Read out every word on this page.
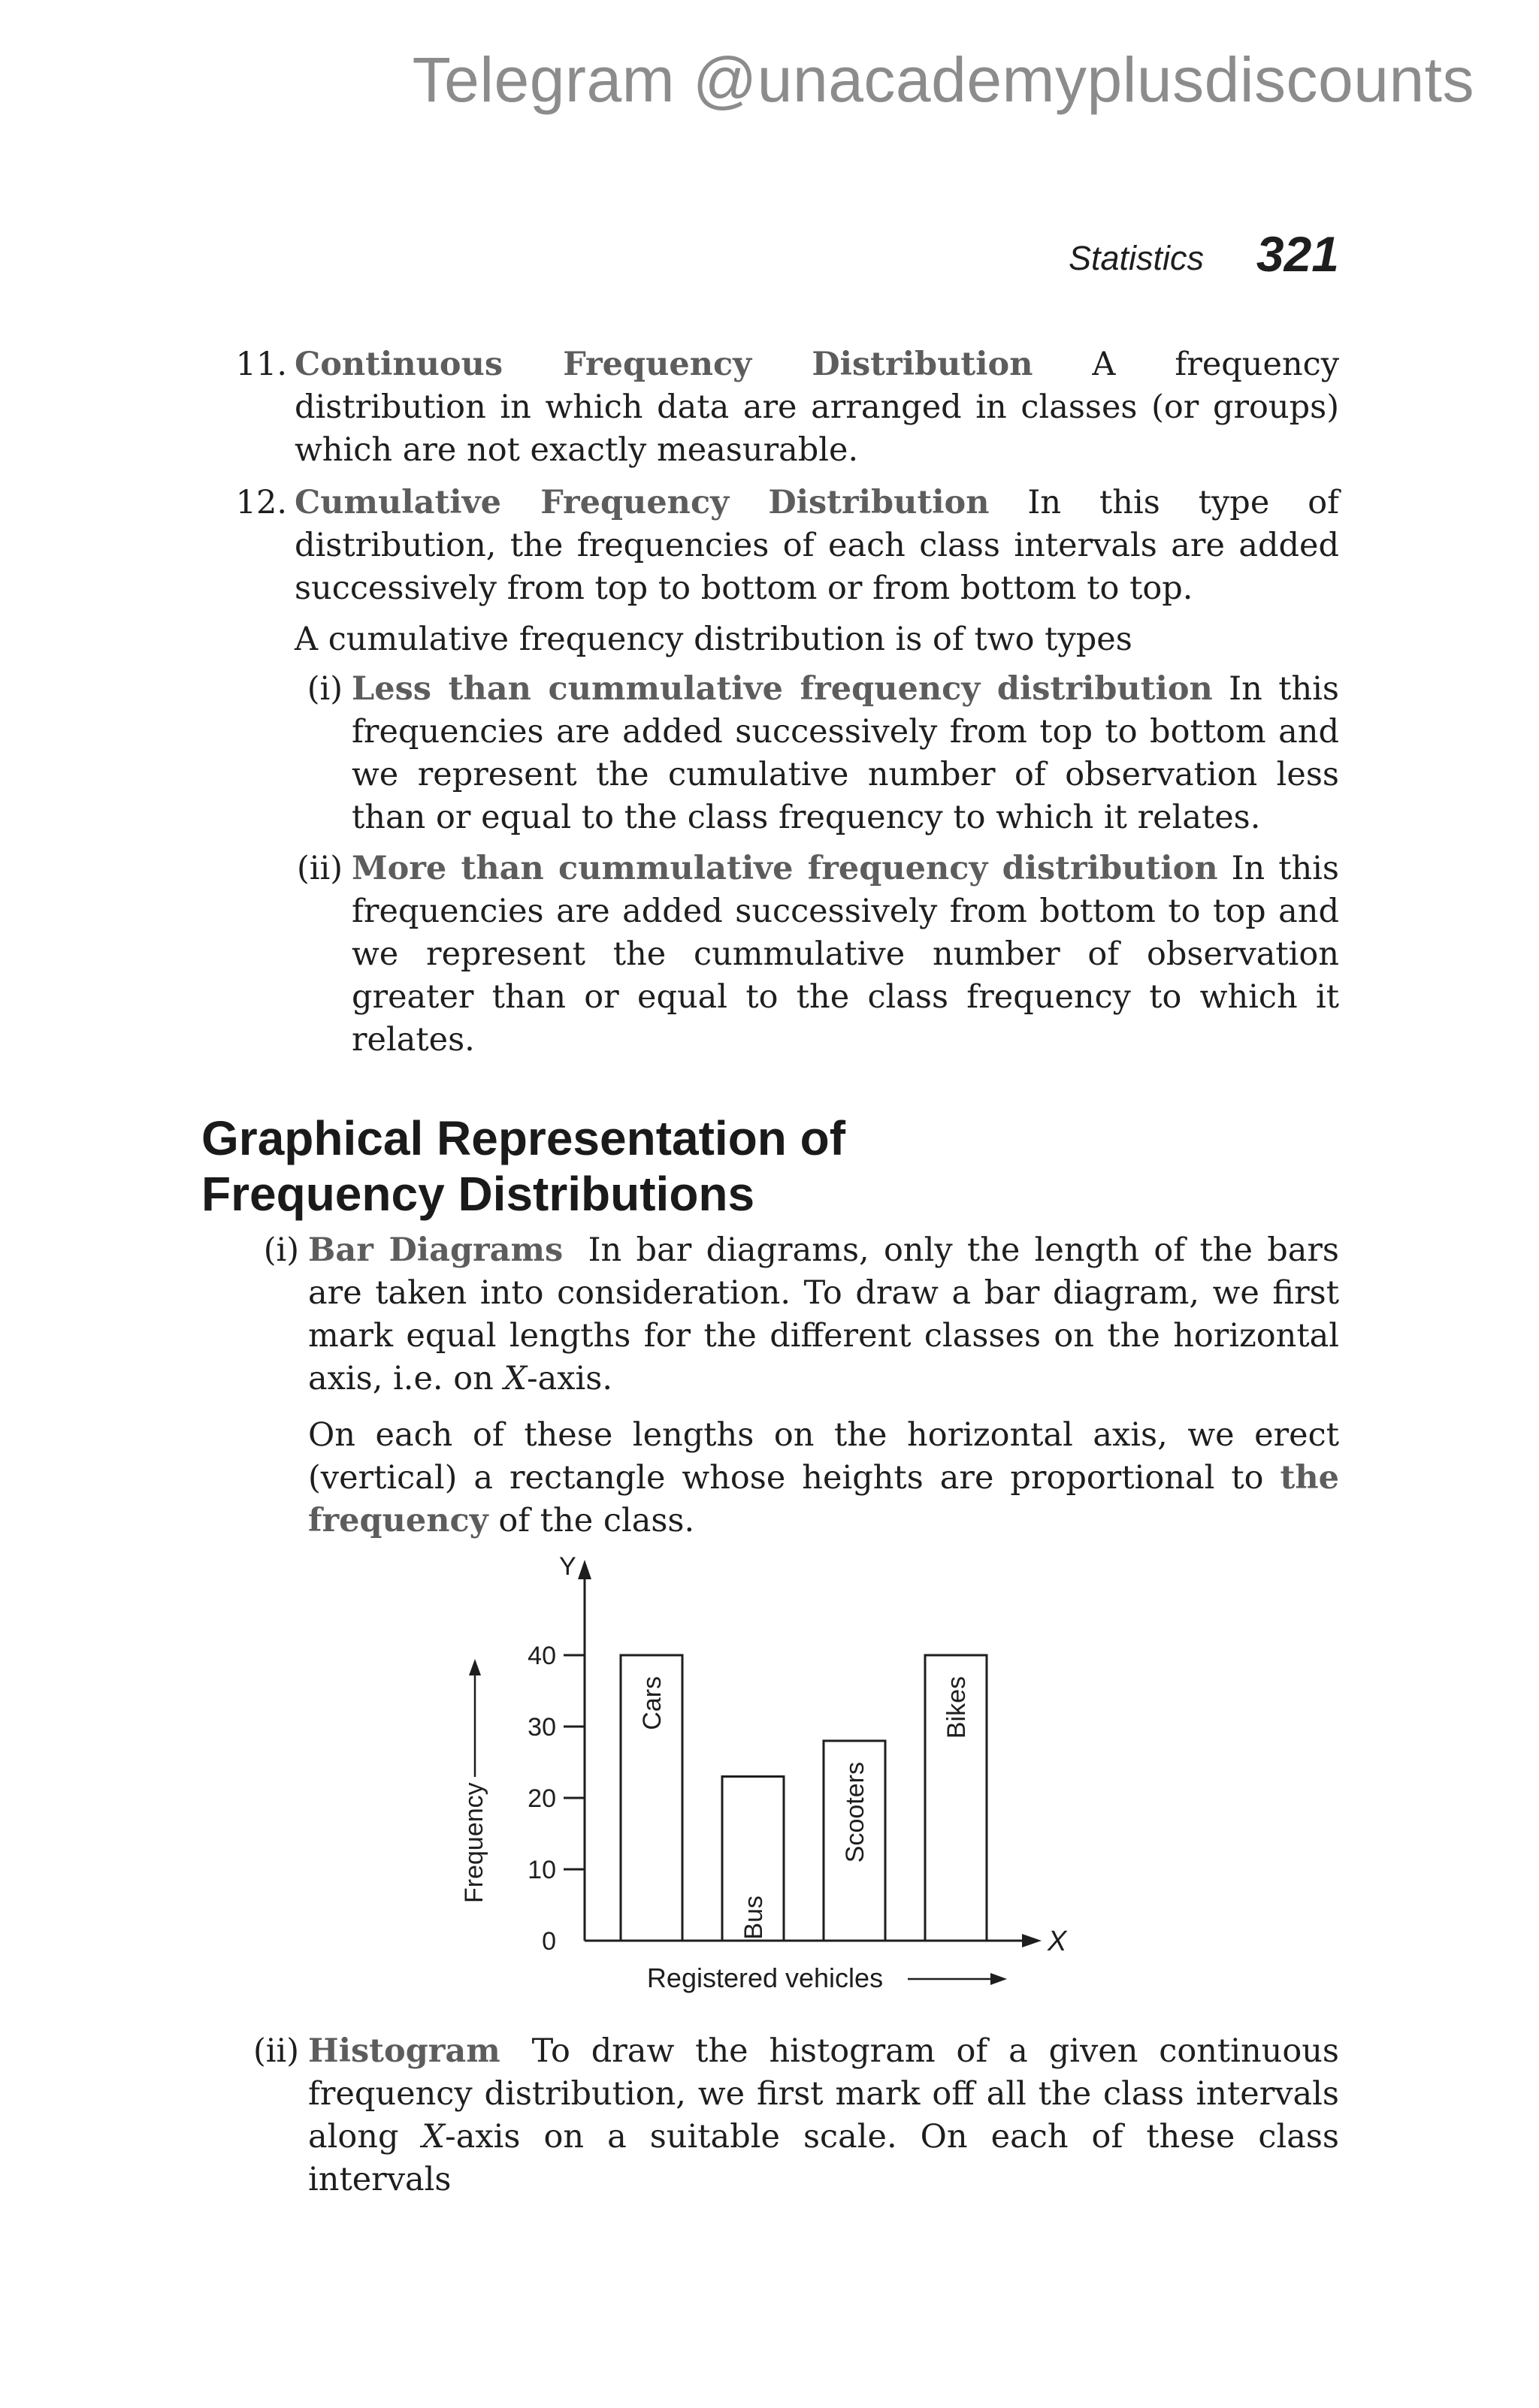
Telegram @unacademyplusdiscounts
Statistics 321
11. Continuous Frequency Distribution A frequency distribution in which data are arranged in classes (or groups) which are not exactly measurable.
12. Cumulative Frequency Distribution In this type of distribution, the frequencies of each class intervals are added successively from top to bottom or from bottom to top.
A cumulative frequency distribution is of two types
(i) Less than cummulative frequency distribution In this frequencies are added successively from top to bottom and we represent the cumulative number of observation less than or equal to the class frequency to which it relates.
(ii) More than cummulative frequency distribution In this frequencies are added successively from bottom to top and we represent the cummulative number of observation greater than or equal to the class frequency to which it relates.
Graphical Representation of
Frequency Distributions
(i) Bar Diagrams In bar diagrams, only the length of the bars are taken into consideration. To draw a bar diagram, we first mark equal lengths for the different classes on the horizontal axis, i.e. on X-axis.
On each of these lengths on the horizontal axis, we erect (vertical) a rectangle whose heights are proportional to the frequency of the class.
Y
X
0
10
20
30
40
Frequency
Registered vehicles
Cars
Bus
Scooters
Bikes
(ii) Histogram To draw the histogram of a given continuous frequency distribution, we first mark off all the class intervals along X-axis on a suitable scale. On each of these class intervals
